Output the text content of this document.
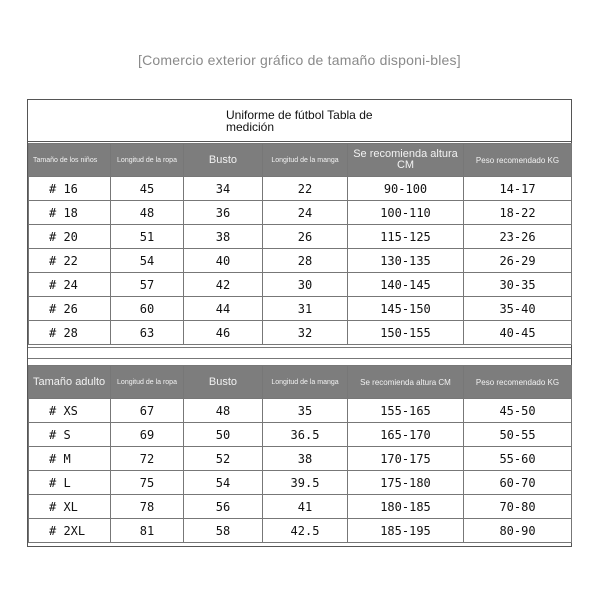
[Comercio exterior gráfico de tamaño disponi-bles]
Uniforme de fútbol Tabla de medición
Tamaño de los niños	Longitud de la ropa	Busto	Longitud de la manga	Se recomienda altura CM	Peso recomendado KG
# 16	45	34	22	90-100	14-17
# 18	48	36	24	100-110	18-22
# 20	51	38	26	115-125	23-26
# 22	54	40	28	130-135	26-29
# 24	57	42	30	140-145	30-35
# 26	60	44	31	145-150	35-40
# 28	63	46	32	150-155	40-45
Tamaño adulto	Longitud de la ropa	Busto	Longitud de la manga	Se recomienda altura CM	Peso recomendado KG
# XS	67	48	35	155-165	45-50
# S	69	50	36.5	165-170	50-55
# M	72	52	38	170-175	55-60
# L	75	54	39.5	175-180	60-70
# XL	78	56	41	180-185	70-80
# 2XL	81	58	42.5	185-195	80-90
